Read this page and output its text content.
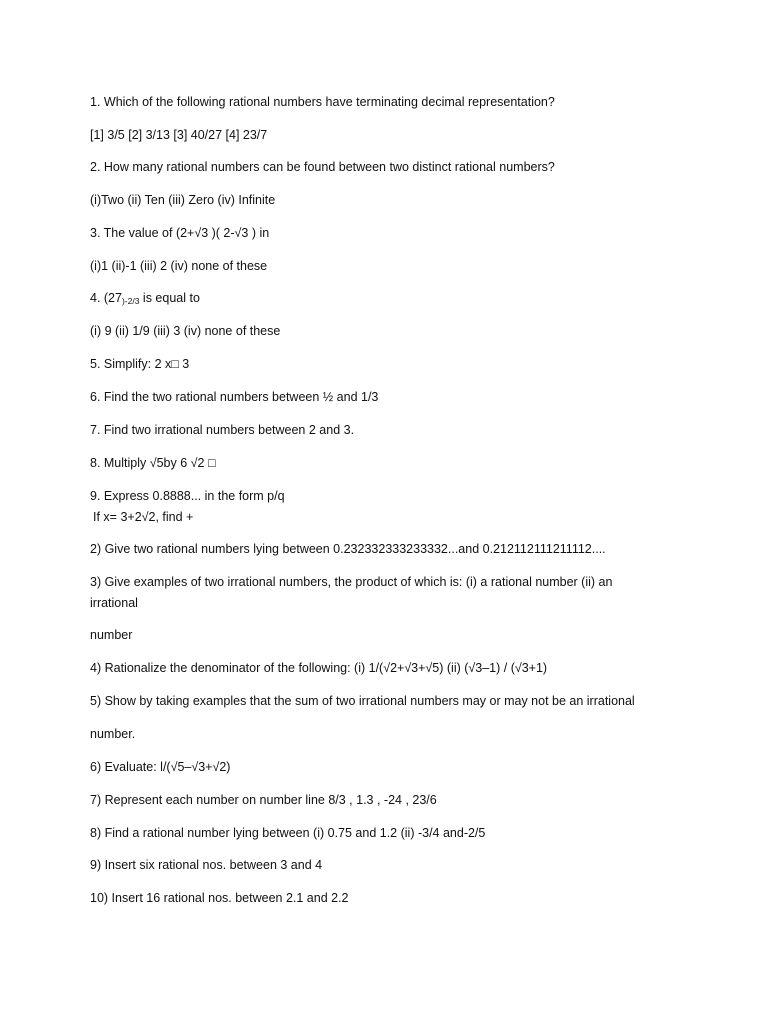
1. Which of the following rational numbers have terminating decimal representation?
[1] 3/5 [2] 3/13 [3] 40/27 [4] 23/7
2. How many rational numbers can be found between two distinct rational numbers?
(i)Two (ii) Ten (iii) Zero (iv) Infinite
3. The value of (2+√3 )( 2-√3 ) in
(i)1 (ii)-1 (iii) 2 (iv) none of these
4. (27)-2/3 is equal to
(i) 9 (ii) 1/9 (iii) 3 (iv) none of these
5. Simplify: 2 x□ 3
6. Find the two rational numbers between ½ and 1/3
7. Find two irrational numbers between 2 and 3.
8. Multiply √5by 6 √2 □
9. Express 0.8888... in the form p/q
If x= 3+2√2, find +
2) Give two rational numbers lying between 0.232332333233332...and 0.212112111211112....
3) Give examples of two irrational numbers, the product of which is: (i) a rational number (ii) an
irrational
number
4) Rationalize the denominator of the following: (i) 1/(√2+√3+√5) (ii) (√3–1) / (√3+1)
5) Show by taking examples that the sum of two irrational numbers may or may not be an irrational
number.
6) Evaluate: l/(√5–√3+√2)
7) Represent each number on number line 8/3 , 1.3 , -24 , 23/6
8) Find a rational number lying between (i) 0.75 and 1.2 (ii) -3/4 and-2/5
9) Insert six rational nos. between 3 and 4
10) Insert 16 rational nos. between 2.1 and 2.2
